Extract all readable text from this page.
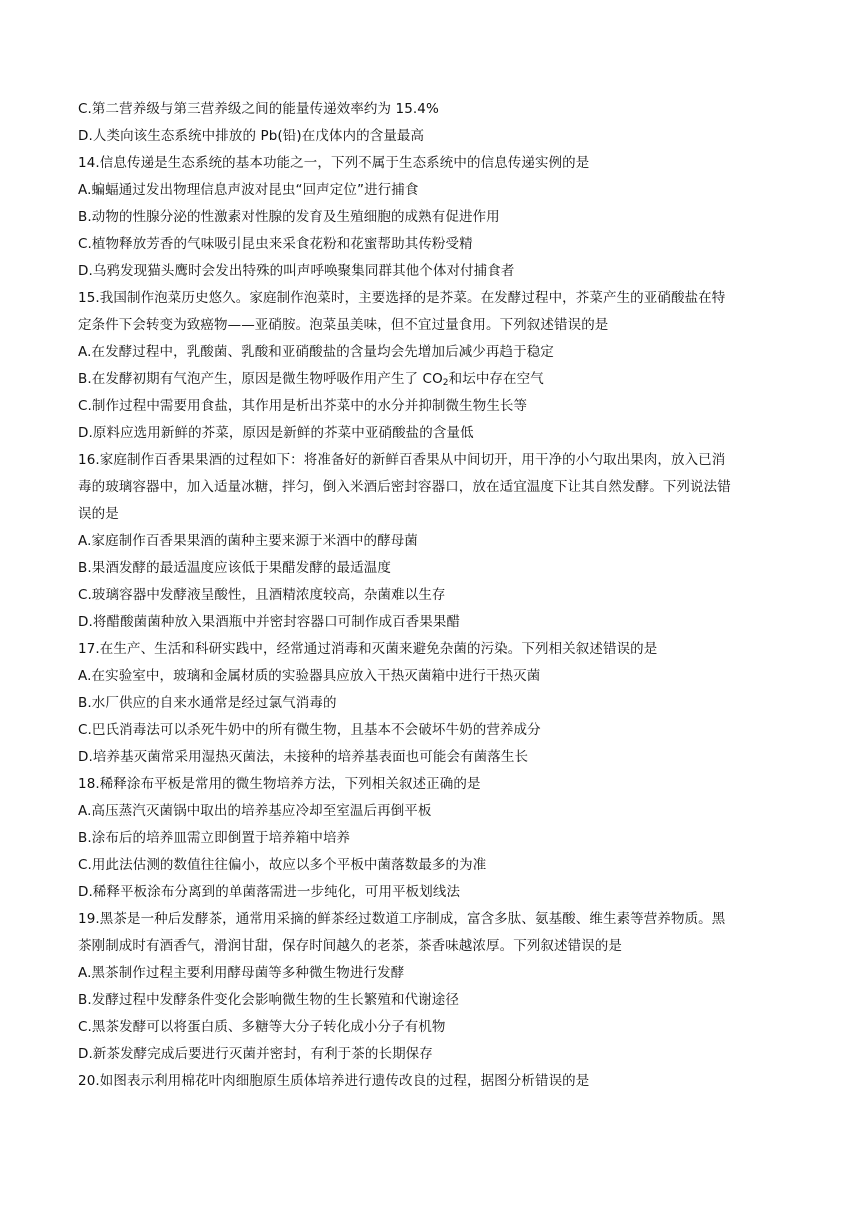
C.第二营养级与第三营养级之间的能量传递效率约为 15.4%
D.人类向该生态系统中排放的 Pb(铅)在戊体内的含量最高
14.信息传递是生态系统的基本功能之一，下列不属于生态系统中的信息传递实例的是
A.蝙蝠通过发出物理信息声波对昆虫“回声定位”进行捕食
B.动物的性腺分泌的性激素对性腺的发育及生殖细胞的成熟有促进作用
C.植物释放芳香的气味吸引昆虫来采食花粉和花蜜帮助其传粉受精
D.乌鸦发现猫头鹰时会发出特殊的叫声呼唤聚集同群其他个体对付捕食者
15.我国制作泡菜历史悠久。家庭制作泡菜时，主要选择的是芥菜。在发酵过程中，芥菜产生的亚硝酸盐在特
定条件下会转变为致癌物——亚硝胺。泡菜虽美味，但不宜过量食用。下列叙述错误的是
A.在发酵过程中，乳酸菌、乳酸和亚硝酸盐的含量均会先增加后减少再趋于稳定
B.在发酵初期有气泡产生，原因是微生物呼吸作用产生了 $CO_2$和坛中存在空气
C.制作过程中需要用食盐，其作用是析出芥菜中的水分并抑制微生物生长等
D.原料应选用新鲜的芥菜，原因是新鲜的芥菜中亚硝酸盐的含量低
16.家庭制作百香果果酒的过程如下：将准备好的新鲜百香果从中间切开，用干净的小勺取出果肉，放入已消
毒的玻璃容器中，加入适量冰糖，拌匀，倒入米酒后密封容器口，放在适宜温度下让其自然发酵。下列说法错
误的是
A.家庭制作百香果果酒的菌种主要来源于米酒中的酵母菌
B.果酒发酵的最适温度应该低于果醋发酵的最适温度
C.玻璃容器中发酵液呈酸性，且酒精浓度较高，杂菌难以生存
D.将醋酸菌菌种放入果酒瓶中并密封容器口可制作成百香果果醋
17.在生产、生活和科研实践中，经常通过消毒和灭菌来避免杂菌的污染。下列相关叙述错误的是
A.在实验室中，玻璃和金属材质的实验器具应放入干热灭菌箱中进行干热灭菌
B.水厂供应的自来水通常是经过氯气消毒的
C.巴氏消毒法可以杀死牛奶中的所有微生物，且基本不会破坏牛奶的营养成分
D.培养基灭菌常采用湿热灭菌法，未接种的培养基表面也可能会有菌落生长
18.稀释涂布平板是常用的微生物培养方法，下列相关叙述正确的是
A.高压蒸汽灭菌锅中取出的培养基应冷却至室温后再倒平板
B.涂布后的培养皿需立即倒置于培养箱中培养
C.用此法估测的数值往往偏小，故应以多个平板中菌落数最多的为准
D.稀释平板涂布分离到的单菌落需进一步纯化，可用平板划线法
19.黑茶是一种后发酵茶，通常用采摘的鲜茶经过数道工序制成，富含多肽、氨基酸、维生素等营养物质。黑
茶刚制成时有酒香气，滑润甘甜，保存时间越久的老茶，茶香味越浓厚。下列叙述错误的是
A.黑茶制作过程主要利用酵母菌等多种微生物进行发酵
B.发酵过程中发酵条件变化会影响微生物的生长繁殖和代谢途径
C.黑茶发酵可以将蛋白质、多糖等大分子转化成小分子有机物
D.新茶发酵完成后要进行灭菌并密封，有利于茶的长期保存
20.如图表示利用棉花叶肉细胞原生质体培养进行遗传改良的过程，据图分析错误的是
